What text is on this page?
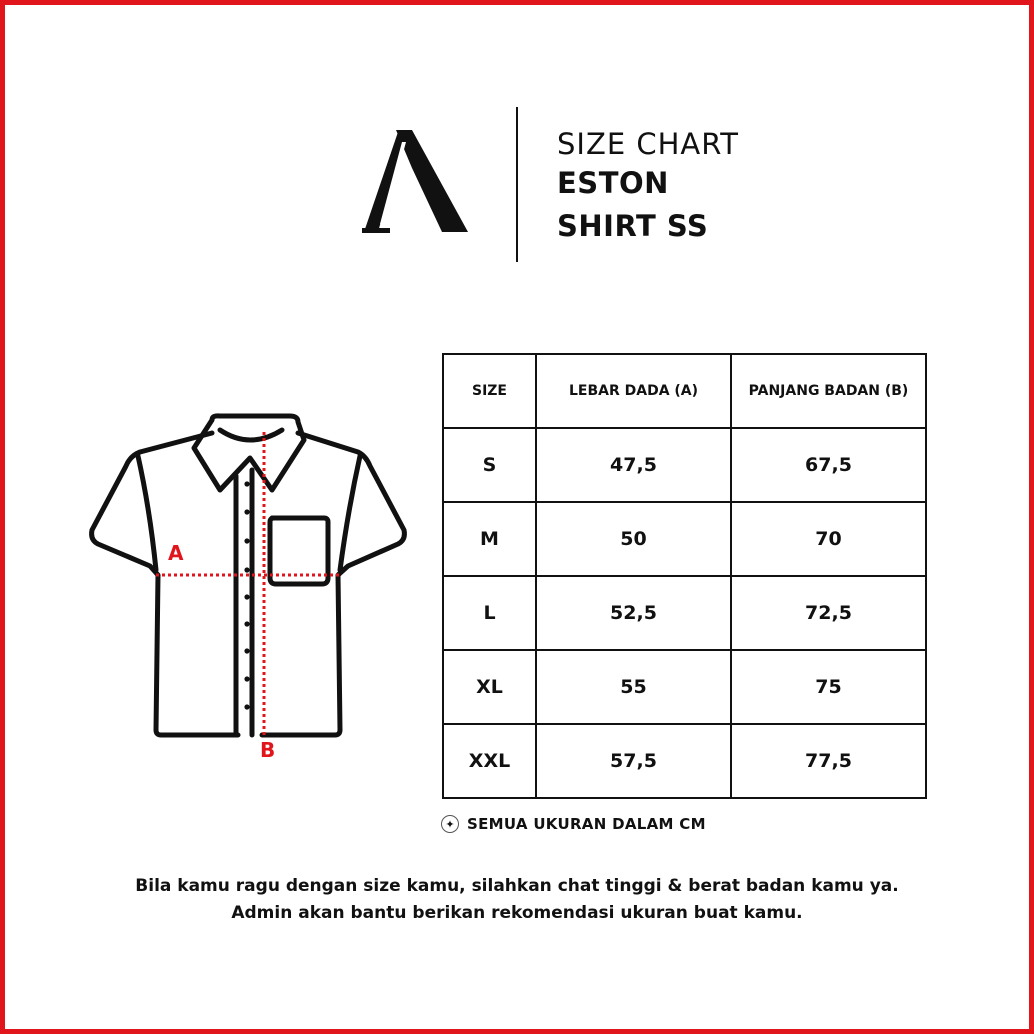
SIZE CHART
ESTON
SHIRT SS
A
B
SIZE	LEBAR DADA (A)	PANJANG BADAN (B)
S	47,5	67,5
M	50	70
L	52,5	72,5
XL	55	75
XXL	57,5	77,5
✦ SEMUA UKURAN DALAM CM
Bila kamu ragu dengan size kamu, silahkan chat tinggi & berat badan kamu ya.
Admin akan bantu berikan rekomendasi ukuran buat kamu.
